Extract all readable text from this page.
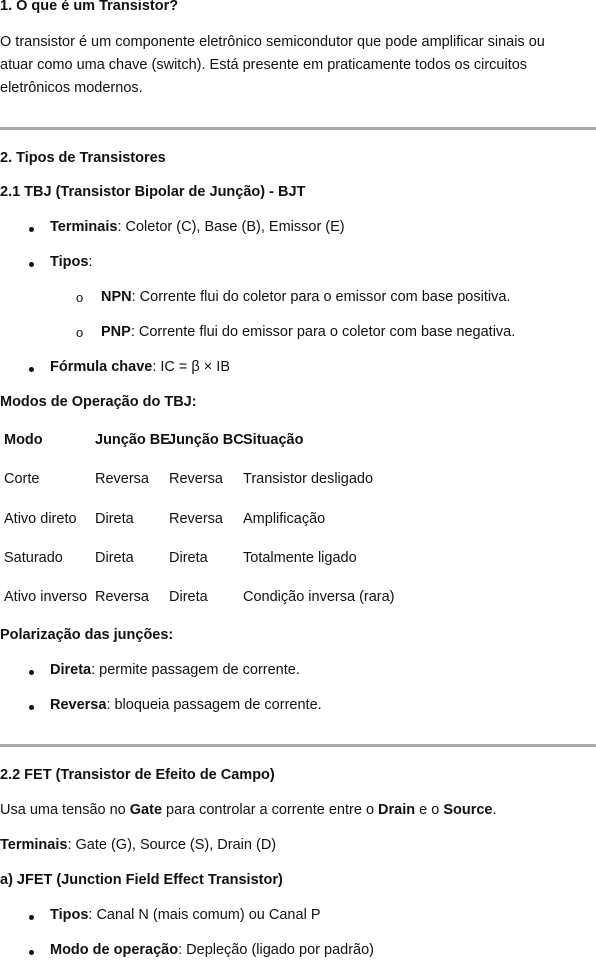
1. O que é um Transistor?
O transistor é um componente eletrônico semicondutor que pode amplificar sinais ou
atuar como uma chave (switch). Está presente em praticamente todos os circuitos
eletrônicos modernos.
2. Tipos de Transistores
2.1 TBJ (Transistor Bipolar de Junção) - BJT
Terminais: Coletor (C), Base (B), Emissor (E)
Tipos:
o NPN: Corrente flui do coletor para o emissor com base positiva.
o PNP: Corrente flui do emissor para o coletor com base negativa.
Fórmula chave: IC = β × IB
Modos de Operação do TBJ:
Modo	Junção BE
Junção BC Situação
Corte	Reversa Reversa Transistor desligado
Ativo direto Direta Reversa Amplificação
Saturado Direta Direta Totalmente ligado
Ativo inverso Reversa Direta Condição inversa (rara)
Polarização das junções:
Direta: permite passagem de corrente.
Reversa: bloqueia passagem de corrente.
2.2 FET (Transistor de Efeito de Campo)
Usa uma tensão no Gate para controlar a corrente entre o Drain e o Source.
Terminais: Gate (G), Source (S), Drain (D)
a) JFET (Junction Field Effect Transistor)
Tipos: Canal N (mais comum) ou Canal P
Modo de operação: Depleção (ligado por padrão)
